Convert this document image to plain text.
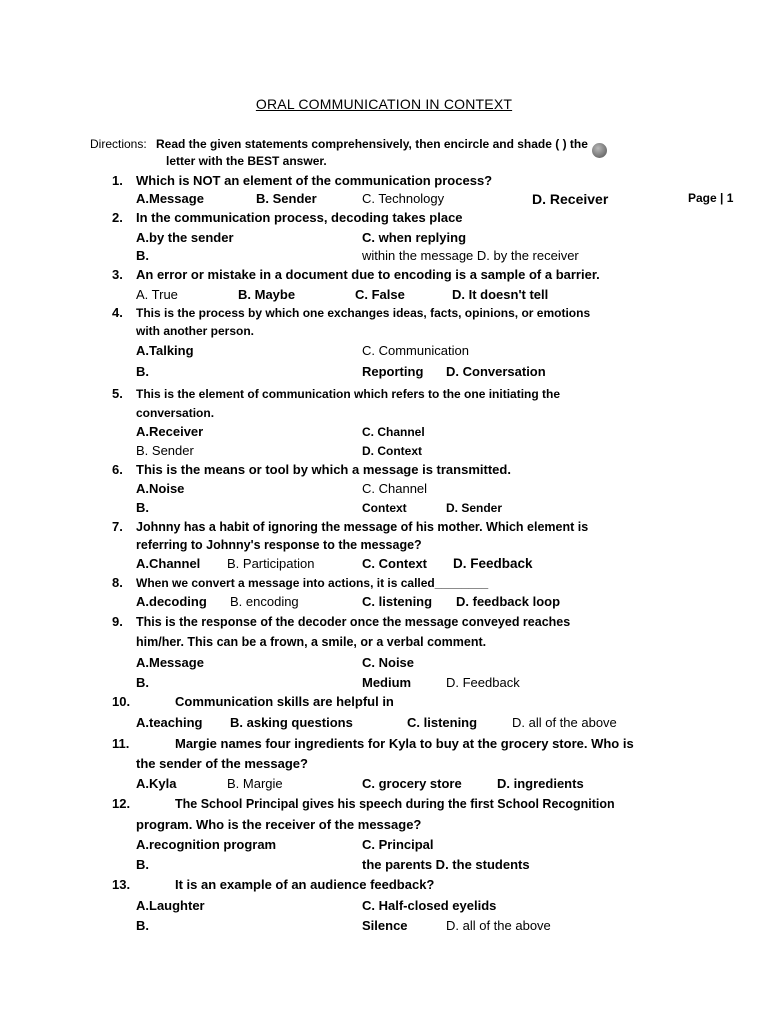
ORAL COMMUNICATION IN CONTEXT
Directions: Read the given statements comprehensively, then encircle and shade ( ) the
letter with the BEST answer.
Page | 1
1.	Which is NOT an element of the communication process?
A.Message	B. Sender	C. Technology	D. Receiver
2.	In the communication process, decoding takes place
A.by the sender	C. when replying
B.	within the message D. by the receiver
3.	An error or mistake in a document due to encoding is a sample of a barrier.
A. True	B. Maybe	C. False	D. It doesn't tell
4.	This is the process by which one exchanges ideas, facts, opinions, or emotions
with another person.
A.Talking	C. Communication
B.	Reporting D. Conversation
5.	This is the element of communication which refers to the one initiating the
conversation.
A.Receiver	C. Channel
B. Sender	D. Context
6.	This is the means or tool by which a message is transmitted.
A.Noise	C. Channel
B.	Context	D. Sender
7.	Johnny has a habit of ignoring the message of his mother. Which element is
referring to Johnny's response to the message?
A.Channel B. Participation	C. Context D. Feedback
8.	When we convert a message into actions, it is called________
A.decoding B. encoding	C. listening D. feedback loop
9.	This is the response of the decoder once the message conveyed reaches
him/her. This can be a frown, a smile, or a verbal comment.
A.Message	C. Noise
B.	Medium	D. Feedback
10.	Communication skills are helpful in
A.teaching B. asking questions	C. listening	D. all of the above
11.	Margie names four ingredients for Kyla to buy at the grocery store. Who is
the sender of the message?
A.Kyla	B. Margie	C. grocery store	D. ingredients
12.	The School Principal gives his speech during the first School Recognition
program. Who is the receiver of the message?
A.recognition program	C. Principal
B.	the parents D. the students
13.	It is an example of an audience feedback?
A.Laughter	C. Half-closed eyelids
B.	Silence	D. all of the above
